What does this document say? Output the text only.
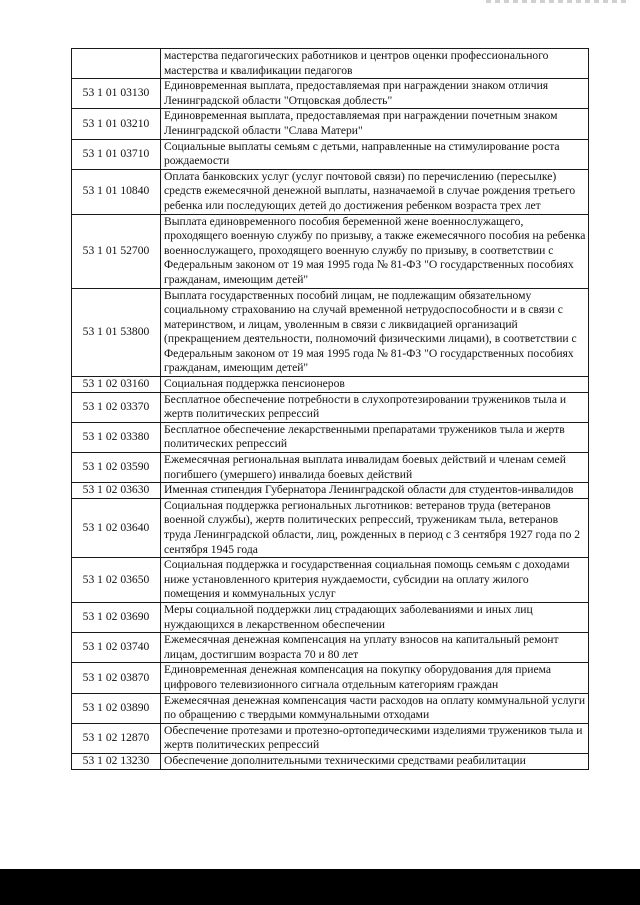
	мастерства педагогических работников и центров оценки профессионального мастерства и квалификации педагогов
53 1 01 03130	Единовременная выплата, предоставляемая при награждении знаком отличия Ленинградской области "Отцовская доблесть"
53 1 01 03210	Единовременная выплата, предоставляемая при награждении почетным знаком Ленинградской области "Слава Матери"
53 1 01 03710	Социальные выплаты семьям с детьми, направленные на стимулирование роста рождаемости
53 1 01 10840	Оплата банковских услуг (услуг почтовой связи) по перечислению (пересылке) средств ежемесячной денежной выплаты, назначаемой в случае рождения третьего ребенка или последующих детей до достижения ребенком возраста трех лет
53 1 01 52700	Выплата единовременного пособия беременной жене военнослужащего, проходящего военную службу по призыву, а также ежемесячного пособия на ребенка военнослужащего, проходящего военную службу по призыву, в соответствии с Федеральным законом от 19 мая 1995 года № 81-ФЗ "О государственных пособиях гражданам, имеющим детей"
53 1 01 53800	Выплата государственных пособий лицам, не подлежащим обязательному социальному страхованию на случай временной нетрудоспособности и в связи с материнством, и лицам, уволенным в связи с ликвидацией организаций (прекращением деятельности, полномочий физическими лицами), в соответствии с Федеральным законом от 19 мая 1995 года № 81-ФЗ "О государственных пособиях гражданам, имеющим детей"
53 1 02 03160	Социальная поддержка пенсионеров
53 1 02 03370	Бесплатное обеспечение потребности в слухопротезировании тружеников тыла и жертв политических репрессий
53 1 02 03380	Бесплатное обеспечение лекарственными препаратами тружеников тыла и жертв политических репрессий
53 1 02 03590	Ежемесячная региональная выплата инвалидам боевых действий и членам семей погибшего (умершего) инвалида боевых действий
53 1 02 03630	Именная стипендия Губернатора Ленинградской области для студентов-инвалидов
53 1 02 03640	Социальная поддержка региональных льготников: ветеранов труда (ветеранов военной службы), жертв политических репрессий, труженикам тыла, ветеранов труда Ленинградской области, лиц, рожденных в период с 3 сентября 1927 года по 2 сентября 1945 года
53 1 02 03650	Социальная поддержка и государственная социальная помощь семьям с доходами ниже установленного критерия нуждаемости, субсидии на оплату жилого помещения и коммунальных услуг
53 1 02 03690	Меры социальной поддержки лиц страдающих заболеваниями и иных лиц нуждающихся в лекарственном обеспечении
53 1 02 03740	Ежемесячная денежная компенсация на уплату взносов на капитальный ремонт лицам, достигшим возраста 70 и 80 лет
53 1 02 03870	Единовременная денежная компенсация на покупку оборудования для приема цифрового телевизионного сигнала отдельным категориям граждан
53 1 02 03890	Ежемесячная денежная компенсация части расходов на оплату коммунальной услуги по обращению с твердыми коммунальными отходами
53 1 02 12870	Обеспечение протезами и протезно-ортопедическими изделиями тружеников тыла и жертв политических репрессий
53 1 02 13230	Обеспечение дополнительными техническими средствами реабилитации
